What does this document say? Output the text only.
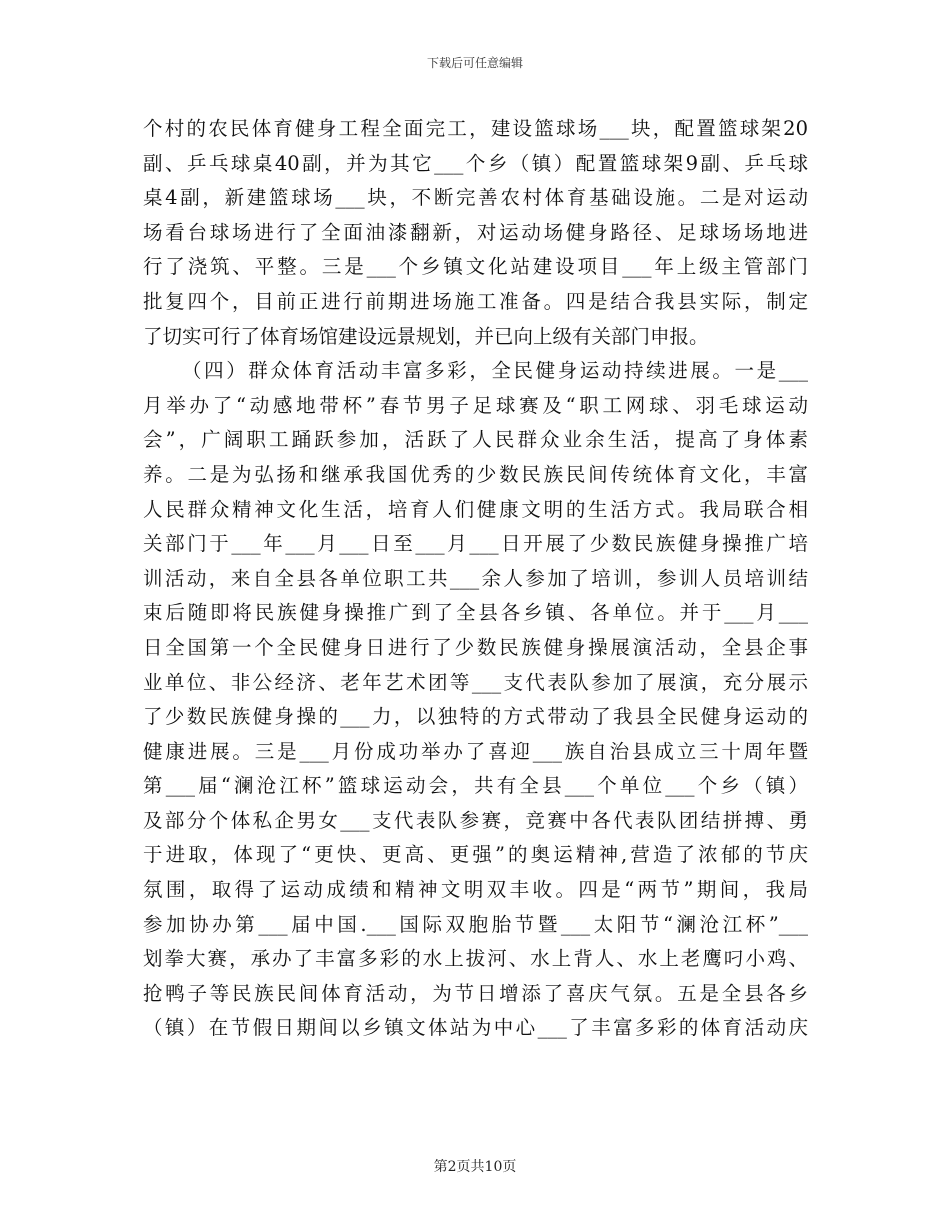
下载后可任意编辑
个村的农民体育健身工程全面完工，建设篮球场___块，配置篮球架20
副、乒乓球桌40副，并为其它___个乡（镇）配置篮球架9副、乒乓球
桌4副，新建篮球场___块，不断完善农村体育基础设施。二是对运动
场看台球场进行了全面油漆翻新，对运动场健身路径、足球场场地进
行了浇筑、平整。三是___个乡镇文化站建设项目___年上级主管部门
批复四个，目前正进行前期进场施工准备。四是结合我县实际，制定
了切实可行了体育场馆建设远景规划，并已向上级有关部门申报。
（四）群众体育活动丰富多彩，全民健身运动持续进展。一是___
月举办了“动感地带杯”春节男子足球赛及“职工网球、羽毛球运动
会”，广阔职工踊跃参加，活跃了人民群众业余生活，提高了身体素
养。二是为弘扬和继承我国优秀的少数民族民间传统体育文化，丰富
人民群众精神文化生活，培育人们健康文明的生活方式。我局联合相
关部门于___年___月___日至___月___日开展了少数民族健身操推广培
训活动，来自全县各单位职工共___余人参加了培训，参训人员培训结
束后随即将民族健身操推广到了全县各乡镇、各单位。并于___月___
日全国第一个全民健身日进行了少数民族健身操展演活动，全县企事
业单位、非公经济、老年艺术团等___支代表队参加了展演，充分展示
了少数民族健身操的___力，以独特的方式带动了我县全民健身运动的
健康进展。三是___月份成功举办了喜迎___族自治县成立三十周年暨
第___届“澜沧江杯”篮球运动会，共有全县___个单位___个乡（镇）
及部分个体私企男女___支代表队参赛，竞赛中各代表队团结拼搏、勇
于进取，体现了“更快、更高、更强”的奥运精神,营造了浓郁的节庆
氛围，取得了运动成绩和精神文明双丰收。四是“两节”期间，我局
参加协办第___届中国.___国际双胞胎节暨___太阳节“澜沧江杯”___
划拳大赛，承办了丰富多彩的水上拔河、水上背人、水上老鹰叼小鸡、
抢鸭子等民族民间体育活动，为节日增添了喜庆气氛。五是全县各乡
（镇）在节假日期间以乡镇文体站为中心___了丰富多彩的体育活动庆
第2页共10页
